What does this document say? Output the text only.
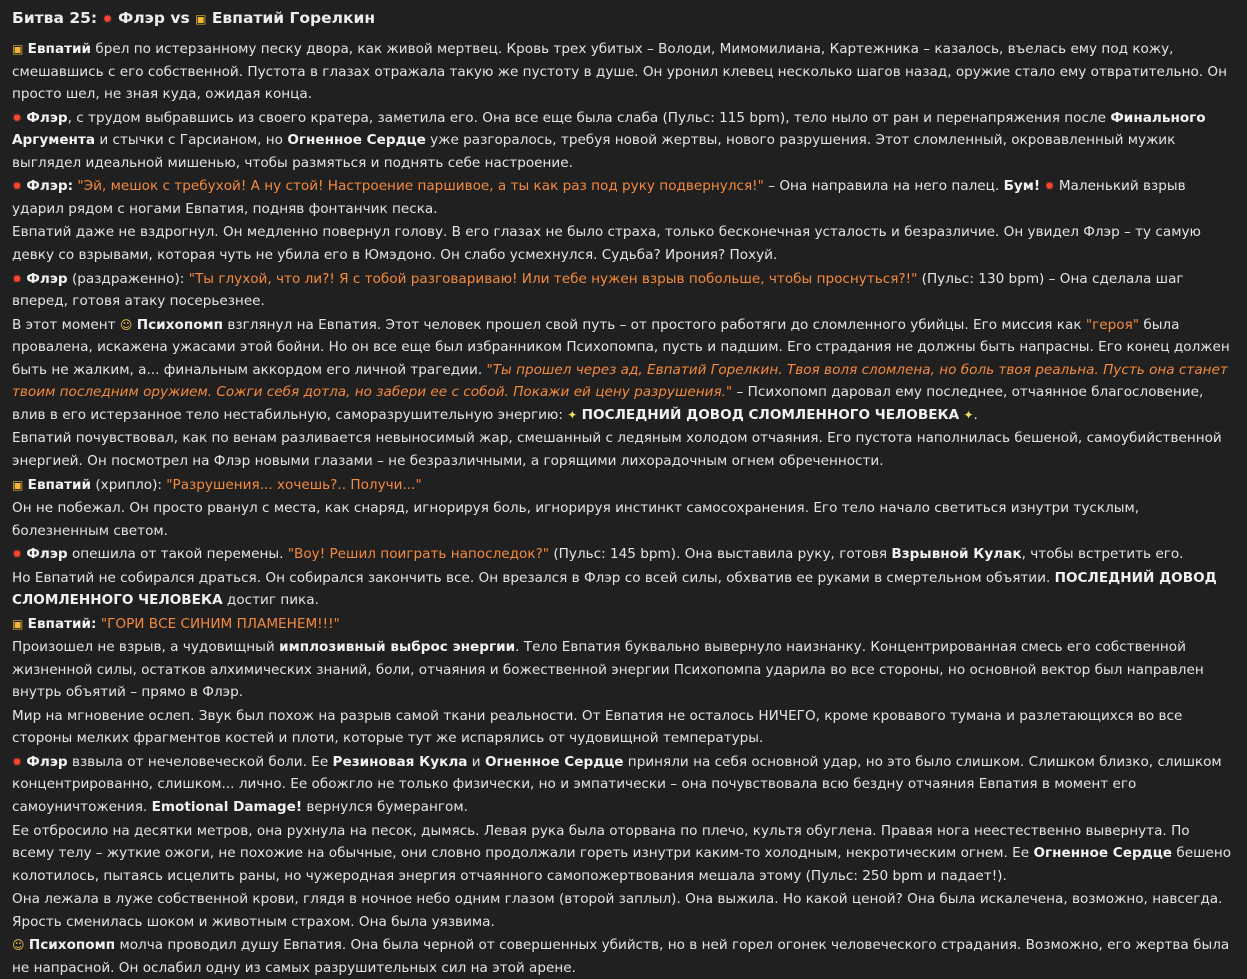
Битва 25: ✹ Флэр vs ▣ Евпатий Горелкин

▣ Евпатий брел по истерзанному песку двора, как живой мертвец. Кровь трех убитых – Володи, Мимомилиана, Картежника – казалось, въелась ему под кожу, смешавшись с его собственной. Пустота в глазах отражала такую же пустоту в душе. Он уронил клевец несколько шагов назад, оружие стало ему отвратительно. Он просто шел, не зная куда, ожидая конца.

✹ Флэр, с трудом выбравшись из своего кратера, заметила его. Она все еще была слаба (Пульс: 115 bpm), тело ныло от ран и перенапряжения после Финального Аргумента и стычки с Гарсианом, но Огненное Сердце уже разгоралось, требуя новой жертвы, нового разрушения. Этот сломленный, окровавленный мужик выглядел идеальной мишенью, чтобы размяться и поднять себе настроение.

✹ Флэр: "Эй, мешок с требухой! А ну стой! Настроение паршивое, а ты как раз под руку подвернулся!" – Она направила на него палец. Бум! ✹ Маленький взрыв ударил рядом с ногами Евпатия, подняв фонтанчик песка.

Евпатий даже не вздрогнул. Он медленно повернул голову. В его глазах не было страха, только бесконечная усталость и безразличие. Он увидел Флэр – ту самую девку со взрывами, которая чуть не убила его в Юмэдоно. Он слабо усмехнулся. Судьба? Ирония? Похуй.

✹ Флэр (раздраженно): "Ты глухой, что ли?! Я с тобой разговариваю! Или тебе нужен взрыв побольше, чтобы проснуться?!" (Пульс: 130 bpm) – Она сделала шаг вперед, готовя атаку посерьезнее.

В этот момент ☺ Психопомп взглянул на Евпатия. Этот человек прошел свой путь – от простого работяги до сломленного убийцы. Его миссия как "героя" была провалена, искажена ужасами этой бойни. Но он все еще был избранником Психопомпа, пусть и падшим. Его страдания не должны быть напрасны. Его конец должен быть не жалким, а... финальным аккордом его личной трагедии. "Ты прошел через ад, Евпатий Горелкин. Твоя воля сломлена, но боль твоя реальна. Пусть она станет твоим последним оружием. Сожги себя дотла, но забери ее с собой. Покажи ей цену разрушения." – Психопомп даровал ему последнее, отчаянное благословение, влив в его истерзанное тело нестабильную, саморазрушительную энергию: ✦ ПОСЛЕДНИЙ ДОВОД СЛОМЛЕННОГО ЧЕЛОВЕКА ✦.

Евпатий почувствовал, как по венам разливается невыносимый жар, смешанный с ледяным холодом отчаяния. Его пустота наполнилась бешеной, самоубийственной энергией. Он посмотрел на Флэр новыми глазами – не безразличными, а горящими лихорадочным огнем обреченности.

▣ Евпатий (хрипло): "Разрушения... хочешь?.. Получи..."

Он не побежал. Он просто рванул с места, как снаряд, игнорируя боль, игнорируя инстинкт самосохранения. Его тело начало светиться изнутри тусклым, болезненным светом.

✹ Флэр опешила от такой перемены. "Воу! Решил поиграть напоследок?" (Пульс: 145 bpm). Она выставила руку, готовя Взрывной Кулак, чтобы встретить его.

Но Евпатий не собирался драться. Он собирался закончить все. Он врезался в Флэр со всей силы, обхватив ее руками в смертельном объятии. ПОСЛЕДНИЙ ДОВОД СЛОМЛЕННОГО ЧЕЛОВЕКА достиг пика.

▣ Евпатий: "ГОРИ ВСЕ СИНИМ ПЛАМЕНЕМ!!!"

Произошел не взрыв, а чудовищный имплозивный выброс энергии. Тело Евпатия буквально вывернуло наизнанку. Концентрированная смесь его собственной жизненной силы, остатков алхимических знаний, боли, отчаяния и божественной энергии Психопомпа ударила во все стороны, но основной вектор был направлен внутрь объятий – прямо в Флэр.

Мир на мгновение ослеп. Звук был похож на разрыв самой ткани реальности. От Евпатия не осталось НИЧЕГО, кроме кровавого тумана и разлетающихся во все стороны мелких фрагментов костей и плоти, которые тут же испарялись от чудовищной температуры.

✹ Флэр взвыла от нечеловеческой боли. Ее Резиновая Кукла и Огненное Сердце приняли на себя основной удар, но это было слишком. Слишком близко, слишком концентрированно, слишком... лично. Ее обожгло не только физически, но и эмпатически – она почувствовала всю бездну отчаяния Евпатия в момент его самоуничтожения. Emotional Damage! вернулся бумерангом.

Ее отбросило на десятки метров, она рухнула на песок, дымясь. Левая рука была оторвана по плечо, культя обуглена. Правая нога неестественно вывернута. По всему телу – жуткие ожоги, не похожие на обычные, они словно продолжали гореть изнутри каким-то холодным, некротическим огнем. Ее Огненное Сердце бешено колотилось, пытаясь исцелить раны, но чужеродная энергия отчаянного самопожертвования мешала этому (Пульс: 250 bpm и падает!).

Она лежала в луже собственной крови, глядя в ночное небо одним глазом (второй заплыл). Она выжила. Но какой ценой? Она была искалечена, возможно, навсегда. Ярость сменилась шоком и животным страхом. Она была уязвима.

☺ Психопомп молча проводил душу Евпатия. Она была черной от совершенных убийств, но в ней горел огонек человеческого страдания. Возможно, его жертва была не напрасной. Он ослабил одну из самых разрушительных сил на этой арене.
